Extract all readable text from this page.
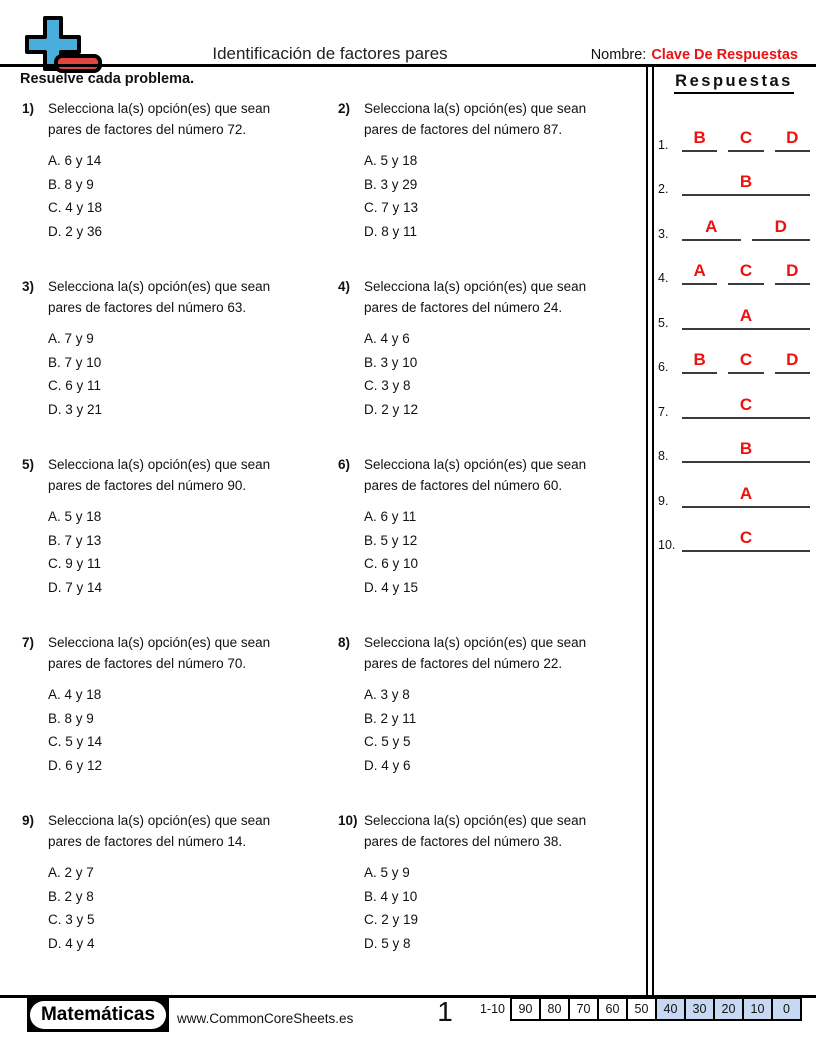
Identificación de factores pares	Nombre: Clave De Respuestas
Resuelve cada problema.
1)	Selecciona la(s) opción(es) que sean
pares de factores del número 72.
A. 6 y 14
B. 8 y 9
C. 4 y 18
D. 2 y 36
2)	Selecciona la(s) opción(es) que sean
pares de factores del número 87.
A. 5 y 18
B. 3 y 29
C. 7 y 13
D. 8 y 11
3)	Selecciona la(s) opción(es) que sean
pares de factores del número 63.
A. 7 y 9
B. 7 y 10
C. 6 y 11
D. 3 y 21
4)	Selecciona la(s) opción(es) que sean
pares de factores del número 24.
A. 4 y 6
B. 3 y 10
C. 3 y 8
D. 2 y 12
5)	Selecciona la(s) opción(es) que sean
pares de factores del número 90.
A. 5 y 18
B. 7 y 13
C. 9 y 11
D. 7 y 14
6)	Selecciona la(s) opción(es) que sean
pares de factores del número 60.
A. 6 y 11
B. 5 y 12
C. 6 y 10
D. 4 y 15
7)	Selecciona la(s) opción(es) que sean
pares de factores del número 70.
A. 4 y 18
B. 8 y 9
C. 5 y 14
D. 6 y 12
8)	Selecciona la(s) opción(es) que sean
pares de factores del número 22.
A. 3 y 8
B. 2 y 11
C. 5 y 5
D. 4 y 6
9)	Selecciona la(s) opción(es) que sean
pares de factores del número 14.
A. 2 y 7
B. 2 y 8
C. 3 y 5
D. 4 y 4
10) Selecciona la(s) opción(es) que sean
pares de factores del número 38.
A. 5 y 9
B. 4 y 10
C. 2 y 19
D. 5 y 8
Respuestas
1.	B	C	D
2.	B
3.	A	D
4.	A	C	D
5.	A
6.	B	C	D
7.	C
8.	B
9.	A
10.	C
Matemáticas	www.CommonCoreSheets.es	1	1-10	90	80	70	60	50	40	30	20	10	0
